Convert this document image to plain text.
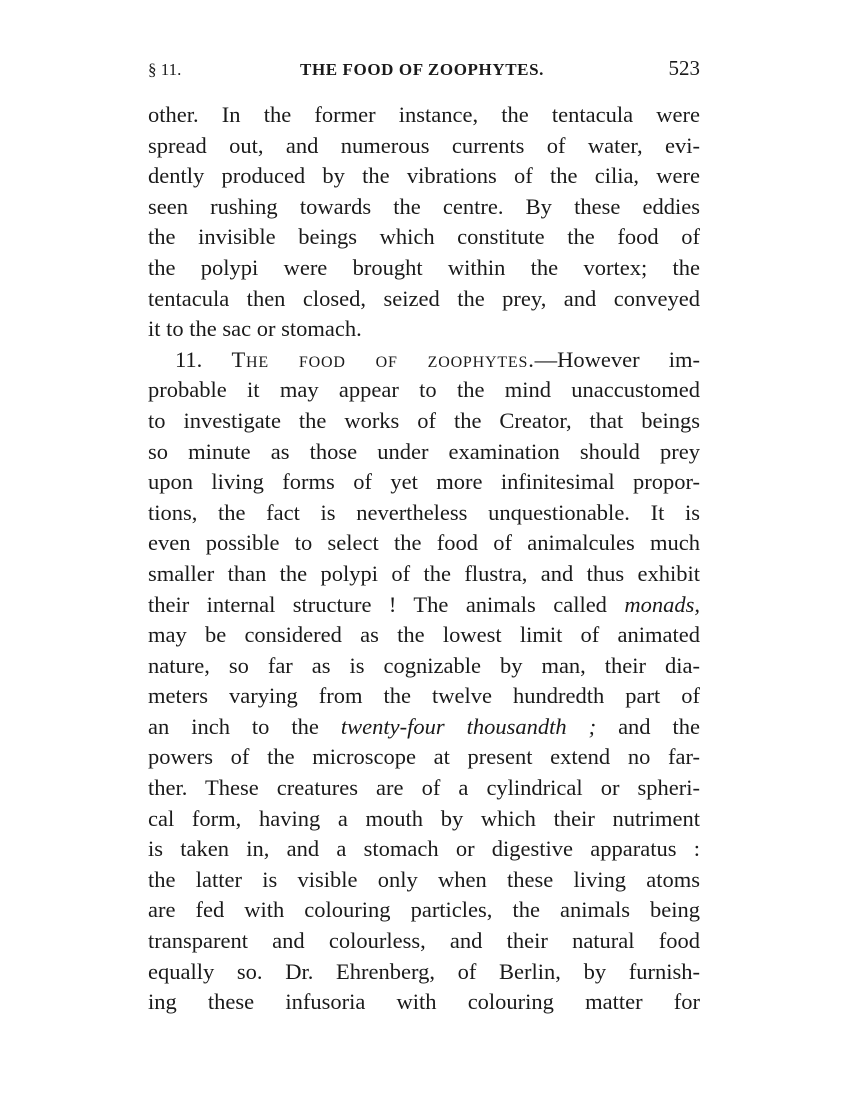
§ 11.	THE FOOD OF ZOOPHYTES.	523
other. In the former instance, the tentacula were
spread out, and numerous currents of water, evi-
dently produced by the vibrations of the cilia, were
seen rushing towards the centre. By these eddies
the invisible beings which constitute the food of
the polypi were brought within the vortex; the
tentacula then closed, seized the prey, and conveyed
it to the sac or stomach.
11. The food of zoophytes.—However im-
probable it may appear to the mind unaccustomed
to investigate the works of the Creator, that beings
so minute as those under examination should prey
upon living forms of yet more infinitesimal propor-
tions, the fact is nevertheless unquestionable. It is
even possible to select the food of animalcules much
smaller than the polypi of the flustra, and thus exhibit
their internal structure ! The animals called monads,
may be considered as the lowest limit of animated
nature, so far as is cognizable by man, their dia-
meters varying from the twelve hundredth part of
an inch to the twenty-four thousandth ; and the
powers of the microscope at present extend no far-
ther. These creatures are of a cylindrical or spheri-
cal form, having a mouth by which their nutriment
is taken in, and a stomach or digestive apparatus :
the latter is visible only when these living atoms
are fed with colouring particles, the animals being
transparent and colourless, and their natural food
equally so. Dr. Ehrenberg, of Berlin, by furnish-
ing these infusoria with colouring matter for
